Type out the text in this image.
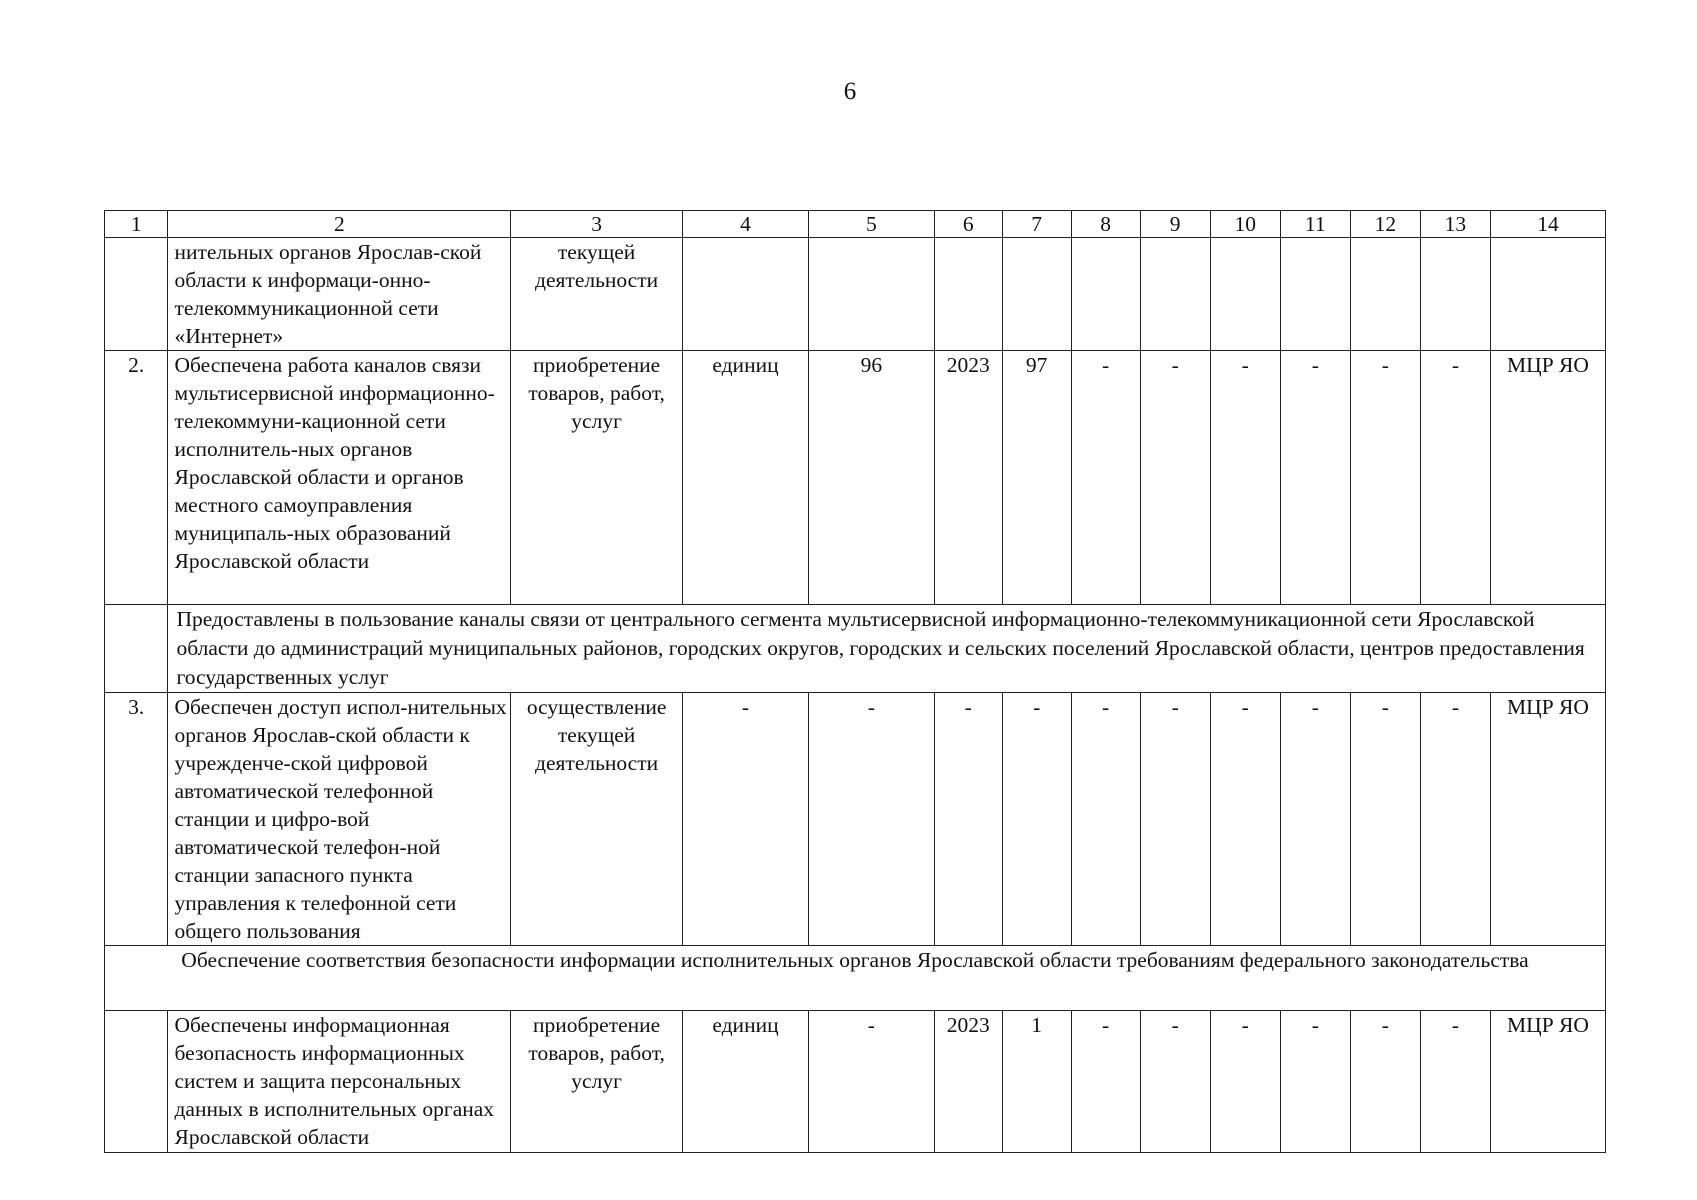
6
1	2	3	4	5	6	7	8	9	10	11	12	13	14
	нительных органов Ярослав-ской области к информаци-онно-телекоммуникационной сети «Интернет»	текущей деятельности											
2.	Обеспечена работа каналов связи мультисервисной информационно-телекоммуни-кационной сети исполнитель-ных органов Ярославской области и органов местного самоуправления муниципаль-ных образований Ярославской области	приобретение товаров, работ, услуг	единиц	96	2023	97	-	-	-	-	-	-	МЦР ЯО
	Предоставлены в пользование каналы связи от центрального сегмента мультисервисной информационно-телекоммуникационной сети Ярославской области до администраций муниципальных районов, городских округов, городских и сельских поселений Ярославской области, центров предоставления государственных услуг												
3.	Обеспечен доступ испол-нительных органов Ярослав-ской области к учрежденче-ской цифровой автоматической телефонной станции и цифро-вой автоматической телефон-ной станции запасного пункта управления к телефонной сети общего пользования	осуществление текущей деятельности	-	-	-	-	-	-	-	-	-	-	МЦР ЯО
Обеспечение соответствия безопасности информации исполнительных органов Ярославской области требованиям федерального законодательства													
	Обеспечены информационная безопасность информационных систем и защита персональных данных в исполнительных органах Ярославской области	приобретение товаров, работ, услуг	единиц	-	2023	1	-	-	-	-	-	-	МЦР ЯО
